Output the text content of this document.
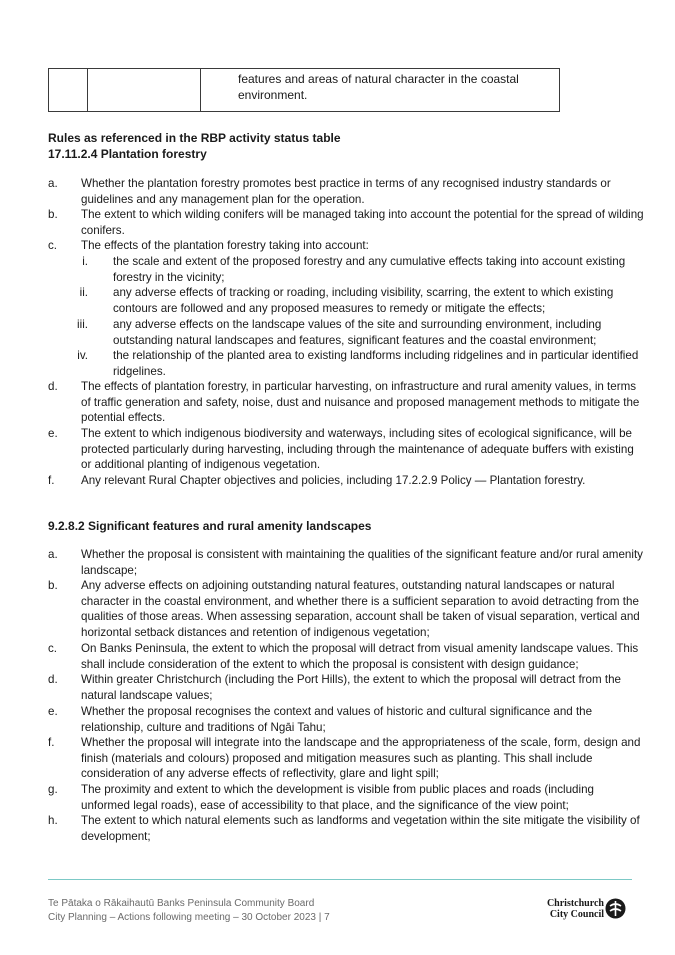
		features and areas of natural character in the coastal environment.
Rules as referenced in the RBP activity status table
17.11.2.4 Plantation forestry
a.	Whether the plantation forestry promotes best practice in terms of any recognised industry standards or guidelines and any management plan for the operation.
b.	The extent to which wilding conifers will be managed taking into account the potential for the spread of wilding conifers.
c.	The effects of the plantation forestry taking into account:
i. the scale and extent of the proposed forestry and any cumulative effects taking into account existing forestry in the vicinity;
ii. any adverse effects of tracking or roading, including visibility, scarring, the extent to which existing contours are followed and any proposed measures to remedy or mitigate the effects;
iii. any adverse effects on the landscape values of the site and surrounding environment, including outstanding natural landscapes and features, significant features and the coastal environment;
iv. the relationship of the planted area to existing landforms including ridgelines and in particular identified ridgelines.
d.	The effects of plantation forestry, in particular harvesting, on infrastructure and rural amenity values, in terms of traffic generation and safety, noise, dust and nuisance and proposed management methods to mitigate the potential effects.
e.	The extent to which indigenous biodiversity and waterways, including sites of ecological significance, will be protected particularly during harvesting, including through the maintenance of adequate buffers with existing or additional planting of indigenous vegetation.
f.	Any relevant Rural Chapter objectives and policies, including 17.2.2.9 Policy — Plantation forestry.
9.2.8.2 Significant features and rural amenity landscapes
a.	Whether the proposal is consistent with maintaining the qualities of the significant feature and/or rural amenity landscape;
b.	Any adverse effects on adjoining outstanding natural features, outstanding natural landscapes or natural character in the coastal environment, and whether there is a sufficient separation to avoid detracting from the qualities of those areas. When assessing separation, account shall be taken of visual separation, vertical and horizontal setback distances and retention of indigenous vegetation;
c.	On Banks Peninsula, the extent to which the proposal will detract from visual amenity landscape values. This shall include consideration of the extent to which the proposal is consistent with design guidance;
d.	Within greater Christchurch (including the Port Hills), the extent to which the proposal will detract from the natural landscape values;
e.	Whether the proposal recognises the context and values of historic and cultural significance and the relationship, culture and traditions of Ngāi Tahu;
f.	Whether the proposal will integrate into the landscape and the appropriateness of the scale, form, design and finish (materials and colours) proposed and mitigation measures such as planting. This shall include consideration of any adverse effects of reflectivity, glare and light spill;
g.	The proximity and extent to which the development is visible from public places and roads (including unformed legal roads), ease of accessibility to that place, and the significance of the view point;
h.	The extent to which natural elements such as landforms and vegetation within the site mitigate the visibility of development;
Te Pātaka o Rākaihautū Banks Peninsula Community Board
City Planning – Actions following meeting – 30 October 2023 | 7
Christchurch
City Council
